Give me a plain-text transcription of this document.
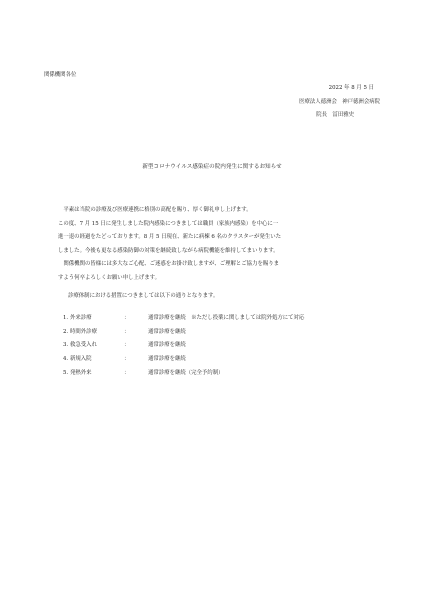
関係機関各位
2022 年 8 月 5 日
医療法人徳洲会　神戸徳洲会病院
院長　冨田雅史
新型コロナウイルス感染症の院内発生に関するお知らせ
　平素は当院の診療及び医療連携に格別の高配を賜り、厚く御礼申し上げます。
この度、7 月 15 日に発生しました院内感染につきましては職員（家族内感染）を中心に一
進一退の経過をたどっております。8 月 5 日現在、新たに病棟 6 名のクラスターが発生いた
しました。今後も更なる感染防御の対策を継続致しながら病院機能を維持してまいります。
　関係機関の皆様には多大なご心配、ご迷惑をお掛け致しますが、ご理解とご協力を賜りま
すよう何卒よろしくお願い申し上げます。
診療体制における措置につきましては以下の通りとなります。
1. 外来診療	：	通常診療を継続　※ただし投薬に関しましては院外処方にて対応
2. 時間外診療	：	通常診療を継続
3. 救急受入れ	：	通常診療を継続
4. 新規入院	：	通常診療を継続
5. 発熱外来	：	通常診療を継続（完全予約制）
